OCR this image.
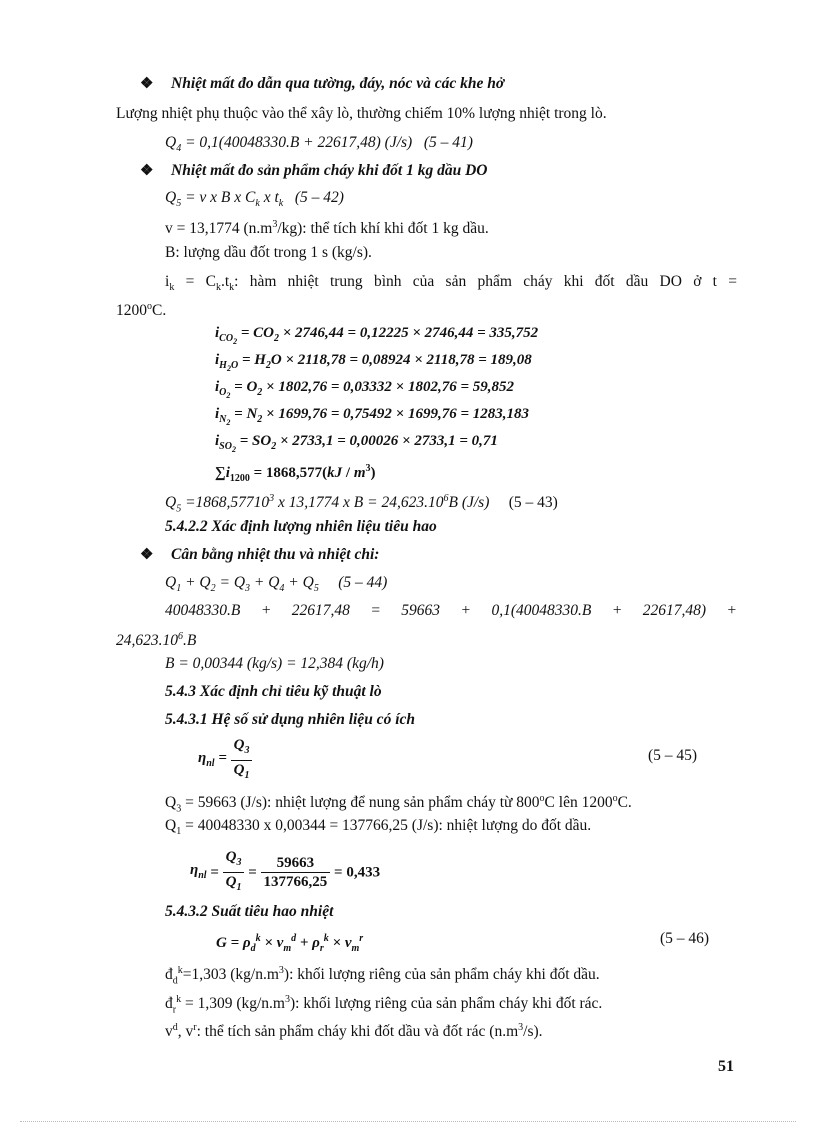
❖ Nhiệt mất đo dẫn qua tường, đáy, nóc và các khe hở
Lượng nhiệt phụ thuộc vào thể xây lò, thường chiếm 10% lượng nhiệt trong lò.
$Q_4 = 0,1(40048330.B + 22617,48)$ (J/s)   (5 – 41)
❖ Nhiệt mất đo sản phẩm cháy khi đốt 1 kg dầu DO
$Q_5 = v$ x B x $C_k$ x $t_k$   (5 – 42)
v = 13,1774 $(n.m^3/kg)$: thể tích khí khi đốt 1 kg dầu.
B: lượng dầu đốt trong 1 s (kg/s).
$i_k = C_k.t_k$: hàm nhiệt trung bình của sản phẩm cháy khi đốt dầu DO ở t =
$1200^oC$.
$i_{CO_2} = CO_2 \times 2746,44 = 0,12225 \times 2746,44 = 335,752$
$i_{H_2O} = H_2O \times 2118,78 = 0,08924 \times 2118,78 = 189,08$
$i_{O_2} = O_2 \times 1802,76 = 0,03332 \times 1802,76 = 59,852$
$i_{N_2} = N_2 \times 1699,76 = 0,75492 \times 1699,76 = 1283,183$
$i_{SO_2} = SO_2 \times 2733,1 = 0,00026 \times 2733,1 = 0,71$
$\sum i_{1200} = 1868,577(kJ / m^3)$
$Q_5 =1868,57710^3$ x 13,1774 x $B = 24,623.10^6B$ (J/s)     (5 – 43)
5.4.2.2 Xác định lượng nhiên liệu tiêu hao
❖ Cân bằng nhiệt thu và nhiệt chi:
$Q_1 + Q_2 = Q_3 + Q_4 + Q_5$     (5 – 44)
40048330.B + 22617,48 = 59663 + 0,1(40048330.B + 22617,48) +
$24,623.10^6.B$
B = 0,00344 (kg/s) = 12,384 (kg/h)
5.4.3 Xác định chỉ tiêu kỹ thuật lò
5.4.3.1 Hệ số sử dụng nhiên liệu có ích
$\eta_{nl} = \frac{Q_3}{Q_1}$	(5 – 45)
$Q_3 = 59663$ (J/s): nhiệt lượng để nung sản phẩm cháy từ 800$^o$C lên 1200$^o$C.
$Q_1 = 40048330$ x 0,00344 = 137766,25 (J/s): nhiệt lượng do đốt dầu.
$\eta_{nl} = \frac{Q_3}{Q_1} = \frac{59663}{137766,25} = 0,433$
5.4.3.2 Suất tiêu hao nhiệt
$G = \rho_d^k \times v_m^d + \rho_r^k \times v_m^r$	(5 – 46)
$đ_d^k=1,303$ $(kg/n.m^3)$: khối lượng riêng của sản phẩm cháy khi đốt dầu.
$đ_r^k = 1,309$ $(kg/n.m^3)$: khối lượng riêng của sản phẩm cháy khi đốt rác.
$v^d$, $v^r$: thể tích sản phẩm cháy khi đốt dầu và đốt rác $(n.m^3/s)$.
51
